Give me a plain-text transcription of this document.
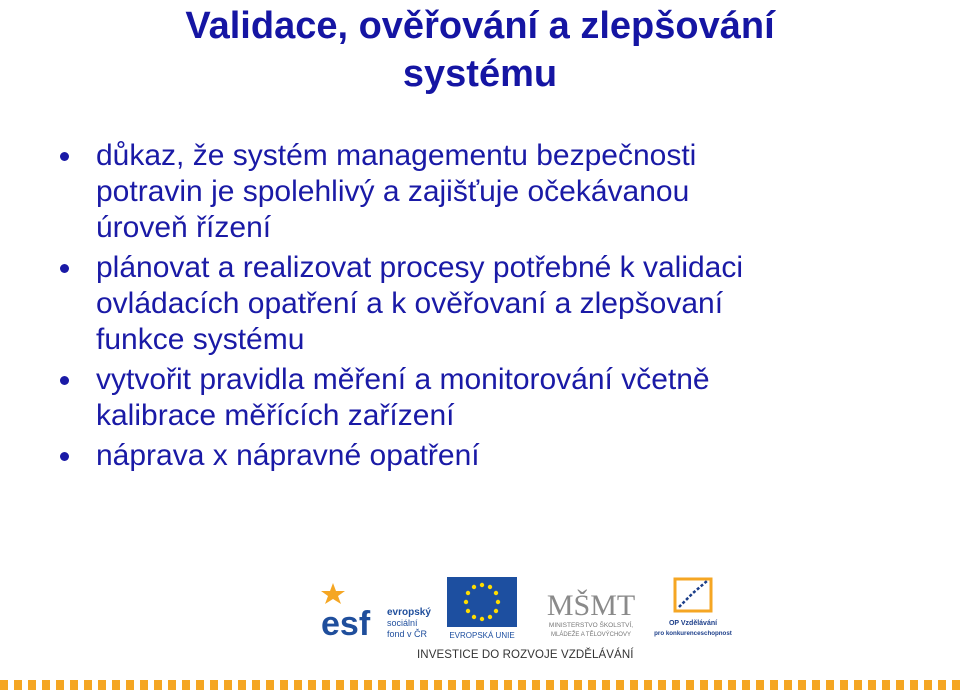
Validace, ověřování a zlepšování
systému
důkaz, že systém managementu bezpečnosti
potravin je spolehlivý a zajišťuje očekávanou
úroveň řízení
plánovat a realizovat procesy potřebné k validaci
ovládacích opatření a k ověřovaní a zlepšovaní
funkce systému
vytvořit pravidla měření a monitorování včetně
kalibrace měřících zařízení
náprava x nápravné opatření
esf evropský
sociální
fond v ČR	EVROPSKÁ UNIE
MŠMT
MINISTERSTVO ŠKOLSTVÍ,
MLÁDEŽE A TĚLOVÝCHOVY
OP Vzdělávání
pro konkurenceschopnost
INVESTICE DO ROZVOJE VZDĚLÁVÁNÍ
